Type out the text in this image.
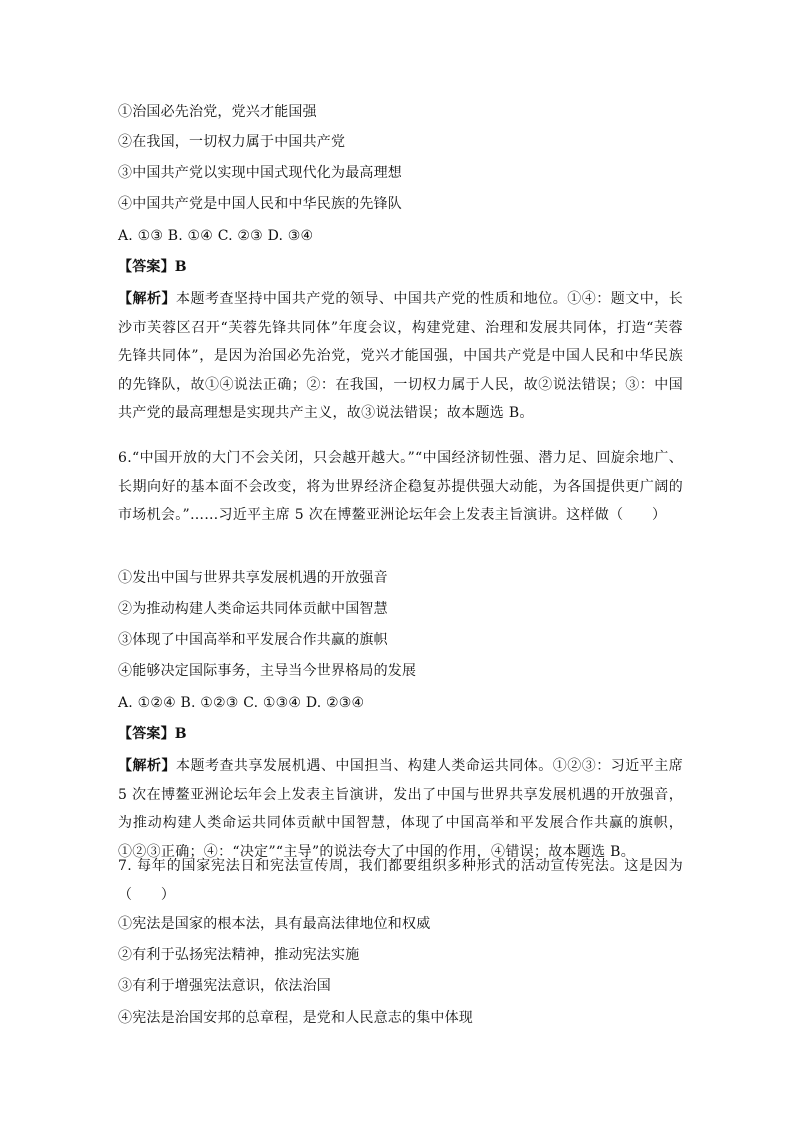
①治国必先治党，党兴才能国强
②在我国，一切权力属于中国共产党
③中国共产党以实现中国式现代化为最高理想
④中国共产党是中国人民和中华民族的先锋队
A. ①③ B. ①④ C. ②③ D. ③④
【答案】B
【解析】本题考查坚持中国共产党的领导、中国共产党的性质和地位。①④：题文中，长沙市芙蓉区召开“芙蓉先锋共同体”年度会议，构建党建、治理和发展共同体，打造“芙蓉先锋共同体”，是因为治国必先治党，党兴才能国强，中国共产党是中国人民和中华民族的先锋队，故①④说法正确；②：在我国，一切权力属于人民，故②说法错误；③：中国共产党的最高理想是实现共产主义，故③说法错误；故本题选 B。
6.“中国开放的大门不会关闭，只会越开越大。”“中国经济韧性强、潜力足、回旋余地广、长期向好的基本面不会改变，将为世界经济企稳复苏提供强大动能，为各国提供更广阔的市场机会。”……习近平主席 5 次在博鳌亚洲论坛年会上发表主旨演讲。这样做（　　）
①发出中国与世界共享发展机遇的开放强音
②为推动构建人类命运共同体贡献中国智慧
③体现了中国高举和平发展合作共赢的旗帜
④能够决定国际事务，主导当今世界格局的发展
A. ①②④ B. ①②③ C. ①③④ D. ②③④
【答案】B
【解析】本题考查共享发展机遇、中国担当、构建人类命运共同体。①②③：习近平主席 5 次在博鳌亚洲论坛年会上发表主旨演讲，发出了中国与世界共享发展机遇的开放强音，为推动构建人类命运共同体贡献中国智慧，体现了中国高举和平发展合作共赢的旗帜，①②③正确；④：“决定”“主导”的说法夸大了中国的作用，④错误；故本题选 B。
7. 每年的国家宪法日和宪法宣传周，我们都要组织多种形式的活动宣传宪法。这是因为（　　）
①宪法是国家的根本法，具有最高法律地位和权威
②有利于弘扬宪法精神，推动宪法实施
③有利于增强宪法意识，依法治国
④宪法是治国安邦的总章程，是党和人民意志的集中体现
